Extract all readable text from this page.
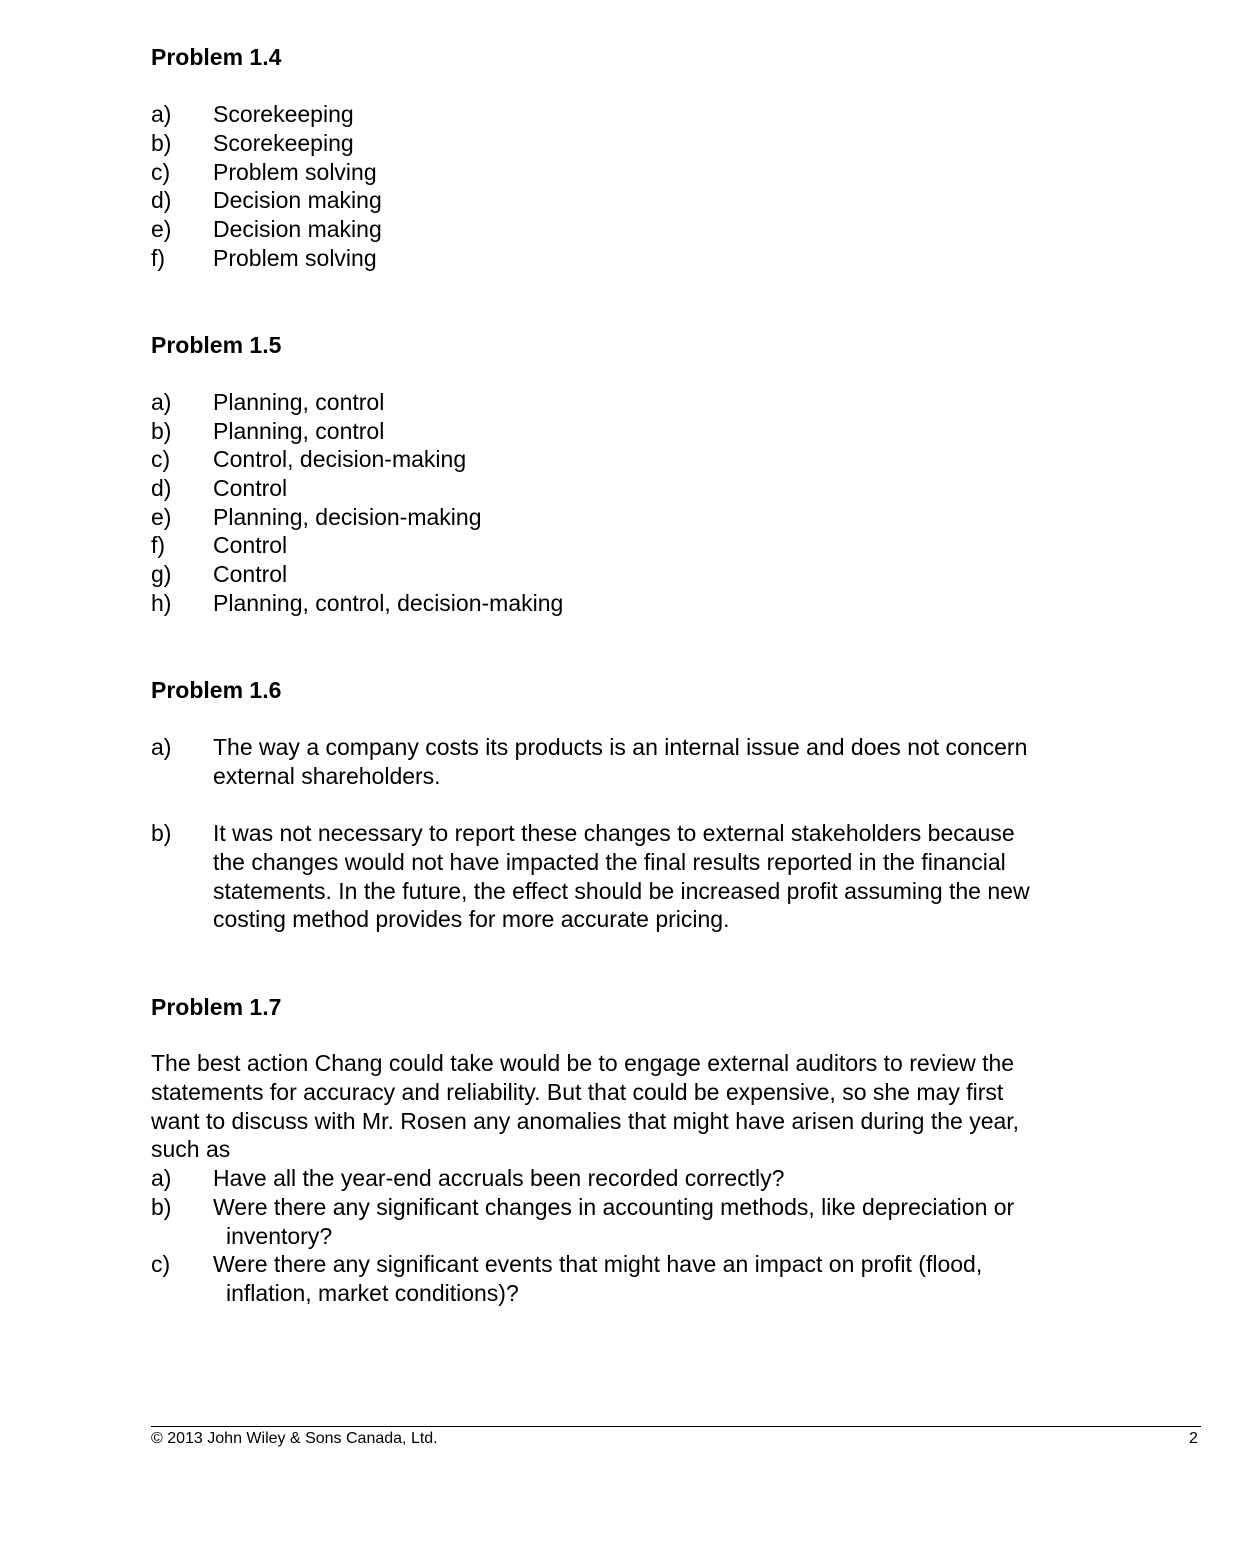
Problem 1.4
a) Scorekeeping
b) Scorekeeping
c) Problem solving
d) Decision making
e) Decision making
f) Problem solving
Problem 1.5
a) Planning, control
b) Planning, control
c) Control, decision-making
d) Control
e) Planning, decision-making
f) Control
g) Control
h) Planning, control, decision-making
Problem 1.6
a) The way a company costs its products is an internal issue and does not concern
external shareholders.
b) It was not necessary to report these changes to external stakeholders because
the changes would not have impacted the final results reported in the financial
statements. In the future, the effect should be increased profit assuming the new
costing method provides for more accurate pricing.
Problem 1.7
The best action Chang could take would be to engage external auditors to review the
statements for accuracy and reliability. But that could be expensive, so she may first
want to discuss with Mr. Rosen any anomalies that might have arisen during the year,
such as
a) Have all the year-end accruals been recorded correctly?
b) Were there any significant changes in accounting methods, like depreciation or
inventory?
c) Were there any significant events that might have an impact on profit (flood,
inflation, market conditions)?
© 2013 John Wiley & Sons Canada, Ltd.	2
